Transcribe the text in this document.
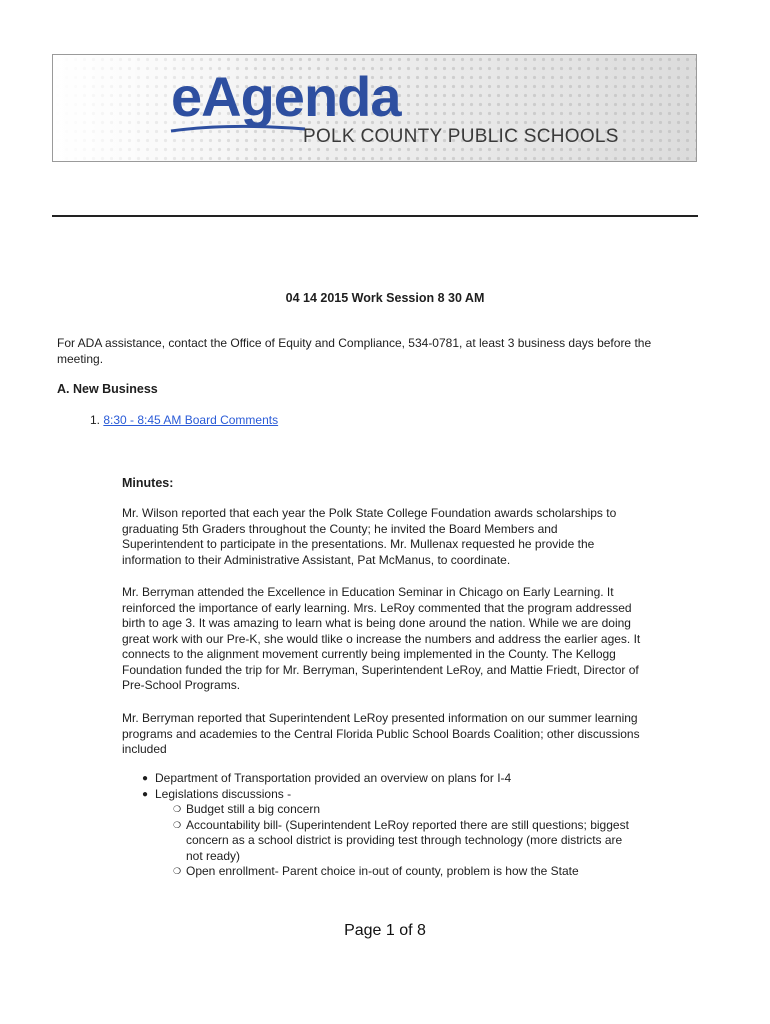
eAgenda
POLK COUNTY PUBLIC SCHOOLS
04 14 2015 Work Session 8 30 AM
For ADA assistance, contact the Office of Equity and Compliance, 534-0781, at least 3 business days before the meeting.
A. New Business
1. 8:30 - 8:45 AM Board Comments
Minutes:
Mr. Wilson reported that each year the Polk State College Foundation awards scholarships to graduating 5th Graders throughout the County; he invited the Board Members and Superintendent to participate in the presentations. Mr. Mullenax requested he provide the information to their Administrative Assistant, Pat McManus, to coordinate.
Mr. Berryman attended the Excellence in Education Seminar in Chicago on Early Learning. It reinforced the importance of early learning. Mrs. LeRoy commented that the program addressed birth to age 3. It was amazing to learn what is being done around the nation. While we are doing great work with our Pre-K, she would tlike o increase the numbers and address the earlier ages. It connects to the alignment movement currently being implemented in the County. The Kellogg Foundation funded the trip for Mr. Berryman, Superintendent LeRoy, and Mattie Friedt, Director of Pre-School Programs.
Mr. Berryman reported that Superintendent LeRoy presented information on our summer learning programs and academies to the Central Florida Public School Boards Coalition; other discussions included
● Department of Transportation provided an overview on plans for I-4
● Legislations discussions -
❍ Budget still a big concern
❍ Accountability bill- (Superintendent LeRoy reported there are still questions; biggest concern as a school district is providing test through technology (more districts are not ready)
❍ Open enrollment- Parent choice in-out of county, problem is how the State
Page 1 of 8
